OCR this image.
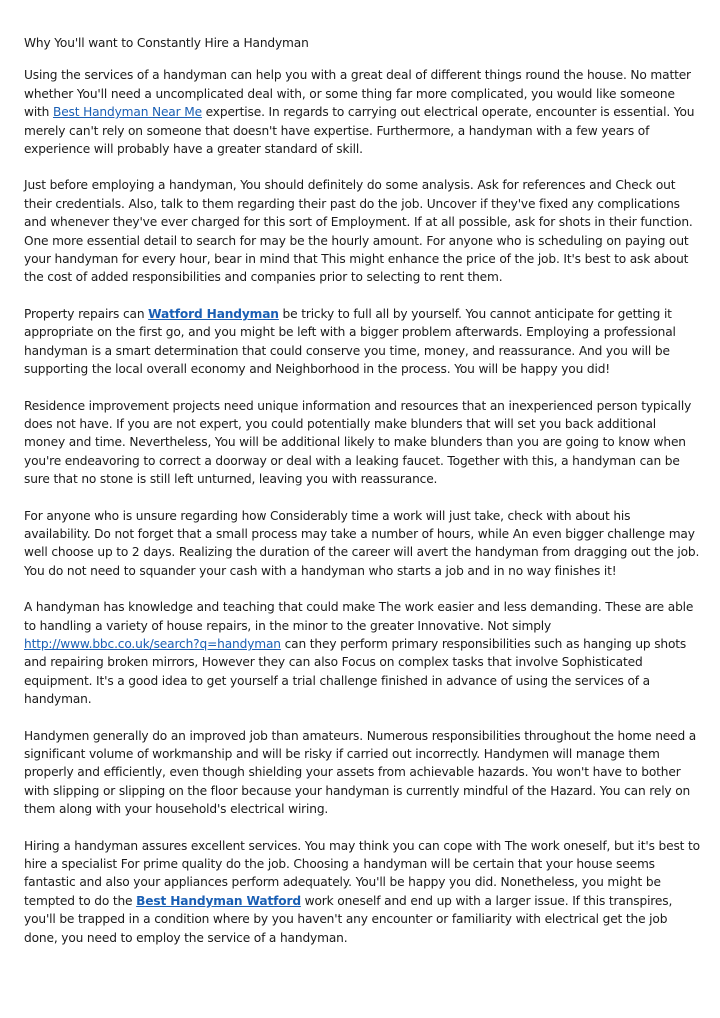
Why You'll want to Constantly Hire a Handyman

Using the services of a handyman can help you with a great deal of different things round the house. No matter whether You'll need a uncomplicated deal with, or some thing far more complicated, you would like someone with Best Handyman Near Me expertise. In regards to carrying out electrical operate, encounter is essential. You merely can't rely on someone that doesn't have expertise. Furthermore, a handyman with a few years of experience will probably have a greater standard of skill.

Just before employing a handyman, You should definitely do some analysis. Ask for references and Check out their credentials. Also, talk to them regarding their past do the job. Uncover if they've fixed any complications and whenever they've ever charged for this sort of Employment. If at all possible, ask for shots in their function. One more essential detail to search for may be the hourly amount. For anyone who is scheduling on paying out your handyman for every hour, bear in mind that This might enhance the price of the job. It's best to ask about the cost of added responsibilities and companies prior to selecting to rent them.

Property repairs can Watford Handyman be tricky to full all by yourself. You cannot anticipate for getting it appropriate on the first go, and you might be left with a bigger problem afterwards. Employing a professional handyman is a smart determination that could conserve you time, money, and reassurance. And you will be supporting the local overall economy and Neighborhood in the process. You will be happy you did!

Residence improvement projects need unique information and resources that an inexperienced person typically does not have. If you are not expert, you could potentially make blunders that will set you back additional money and time. Nevertheless, You will be additional likely to make blunders than you are going to know when you're endeavoring to correct a doorway or deal with a leaking faucet. Together with this, a handyman can be sure that no stone is still left unturned, leaving you with reassurance.

For anyone who is unsure regarding how Considerably time a work will just take, check with about his availability. Do not forget that a small process may take a number of hours, while An even bigger challenge may well choose up to 2 days. Realizing the duration of the career will avert the handyman from dragging out the job. You do not need to squander your cash with a handyman who starts a job and in no way finishes it!

A handyman has knowledge and teaching that could make The work easier and less demanding. These are able to handling a variety of house repairs, in the minor to the greater Innovative. Not simply http://www.bbc.co.uk/search?q=handyman can they perform primary responsibilities such as hanging up shots and repairing broken mirrors, However they can also Focus on complex tasks that involve Sophisticated equipment. It's a good idea to get yourself a trial challenge finished in advance of using the services of a handyman.

Handymen generally do an improved job than amateurs. Numerous responsibilities throughout the home need a significant volume of workmanship and will be risky if carried out incorrectly. Handymen will manage them properly and efficiently, even though shielding your assets from achievable hazards. You won't have to bother with slipping or slipping on the floor because your handyman is currently mindful of the Hazard. You can rely on them along with your household's electrical wiring.

Hiring a handyman assures excellent services. You may think you can cope with The work oneself, but it's best to hire a specialist For prime quality do the job. Choosing a handyman will be certain that your house seems fantastic and also your appliances perform adequately. You'll be happy you did. Nonetheless, you might be tempted to do the Best Handyman Watford work oneself and end up with a larger issue. If this transpires, you'll be trapped in a condition where by you haven't any encounter or familiarity with electrical get the job done, you need to employ the service of a handyman.
